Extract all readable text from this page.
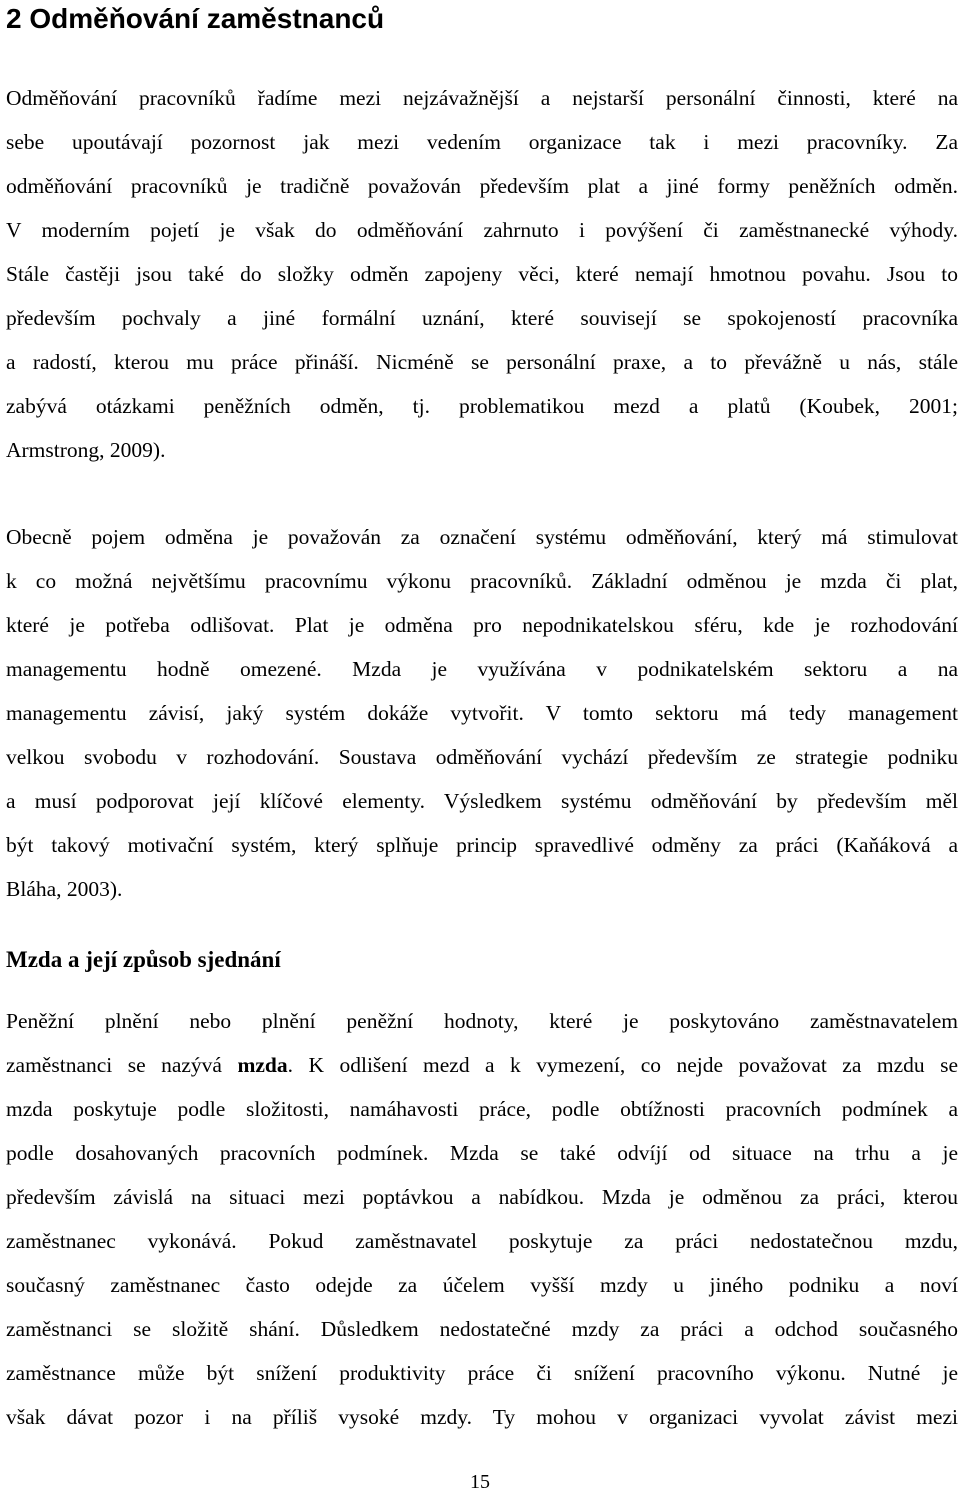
2 Odměňování zaměstnanců
Odměňování pracovníků řadíme mezi nejzávažnější a nejstarší personální činnosti, které na
sebe upoutávají pozornost jak mezi vedením organizace tak i mezi pracovníky. Za
odměňování pracovníků je tradičně považován především plat a jiné formy peněžních odměn.
V moderním pojetí je však do odměňování zahrnuto i povýšení či zaměstnanecké výhody.
Stále častěji jsou také do složky odměn zapojeny věci, které nemají hmotnou povahu. Jsou to
především pochvaly a jiné formální uznání, které souvisejí se spokojeností pracovníka
a radostí, kterou mu práce přináší. Nicméně se personální praxe, a to převážně u nás, stále
zabývá otázkami peněžních odměn, tj. problematikou mezd a platů (Koubek, 2001;
Armstrong, 2009).
Obecně pojem odměna je považován za označení systému odměňování, který má stimulovat
k co možná největšímu pracovnímu výkonu pracovníků. Základní odměnou je mzda či plat,
které je potřeba odlišovat. Plat je odměna pro nepodnikatelskou sféru, kde je rozhodování
managementu hodně omezené. Mzda je využívána v podnikatelském sektoru a na
managementu závisí, jaký systém dokáže vytvořit. V tomto sektoru má tedy management
velkou svobodu v rozhodování. Soustava odměňování vychází především ze strategie podniku
a musí podporovat její klíčové elementy. Výsledkem systému odměňování by především měl
být takový motivační systém, který splňuje princip spravedlivé odměny za práci (Kaňáková a
Bláha, 2003).
Mzda a její způsob sjednání
Peněžní plnění nebo plnění peněžní hodnoty, které je poskytováno zaměstnavatelem
zaměstnanci se nazývá mzda. K odlišení mezd a k vymezení, co nejde považovat za mzdu se
mzda poskytuje podle složitosti, namáhavosti práce, podle obtížnosti pracovních podmínek a
podle dosahovaných pracovních podmínek. Mzda se také odvíjí od situace na trhu a je
především závislá na situaci mezi poptávkou a nabídkou. Mzda je odměnou za práci, kterou
zaměstnanec vykonává. Pokud zaměstnavatel poskytuje za práci nedostatečnou mzdu,
současný zaměstnanec často odejde za účelem vyšší mzdy u jiného podniku a noví
zaměstnanci se složitě shání. Důsledkem nedostatečné mzdy za práci a odchod současného
zaměstnance může být snížení produktivity práce či snížení pracovního výkonu. Nutné je
však dávat pozor i na příliš vysoké mzdy. Ty mohou v organizaci vyvolat závist mezi
15
